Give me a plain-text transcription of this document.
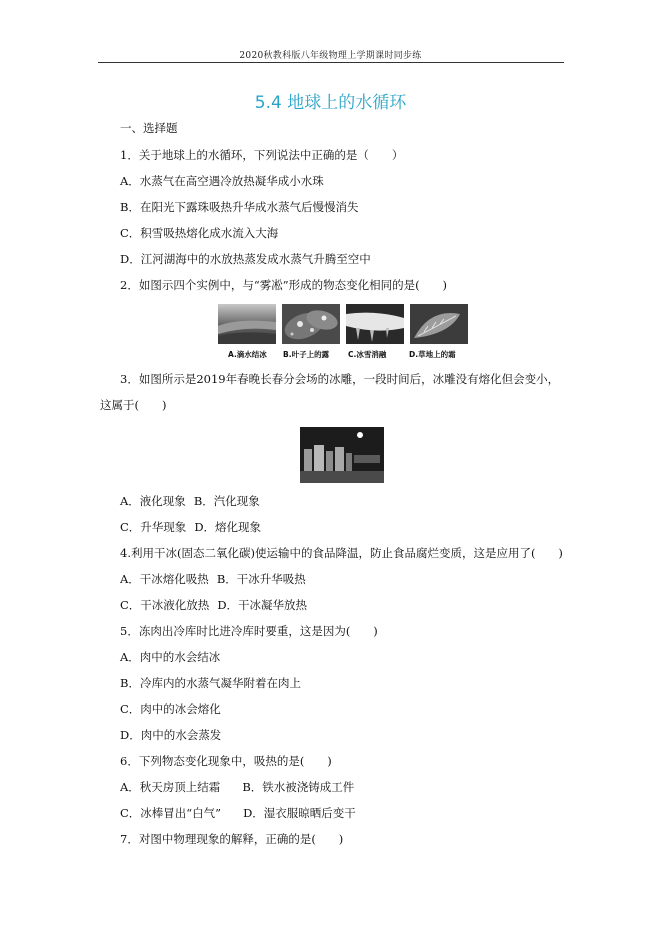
2020秋教科版八年级物理上学期课时同步练
5.4 地球上的水循环
一、选择题
1．关于地球上的水循环，下列说法中正确的是（　　）
A．水蒸气在高空遇冷放热凝华成小水珠
B．在阳光下露珠吸热升华成水蒸气后慢慢消失
C．积雪吸热熔化成水流入大海
D．江河湖海中的水放热蒸发成水蒸气升腾至空中
2．如图示四个实例中，与“雾凇”形成的物态变化相同的是(　　)
A.滴水结冰 B.叶子上的露	C.冰雪消融	D.草地上的霜
3．如图所示是2019年春晚长春分会场的冰雕，一段时间后，冰雕没有熔化但会变小，
这属于(　　)
A．液化现象 B．汽化现象
C．升华现象 D．熔化现象
4.利用干冰(固态二氧化碳)使运输中的食品降温，防止食品腐烂变质，这是应用了(　　)
A．干冰熔化吸热 B．干冰升华吸热
C．干冰液化放热 D．干冰凝华放热
5．冻肉出冷库时比进冷库时要重，这是因为(　　)
A．肉中的水会结冰
B．冷库内的水蒸气凝华附着在肉上
C．肉中的冰会熔化
D．肉中的水会蒸发
6．下列物态变化现象中，吸热的是(　　)
A．秋天房顶上结霜 B．铁水被浇铸成工件
C．冰棒冒出“白气” D．湿衣服晾晒后变干
7．对图中物理现象的解释，正确的是(　　)
